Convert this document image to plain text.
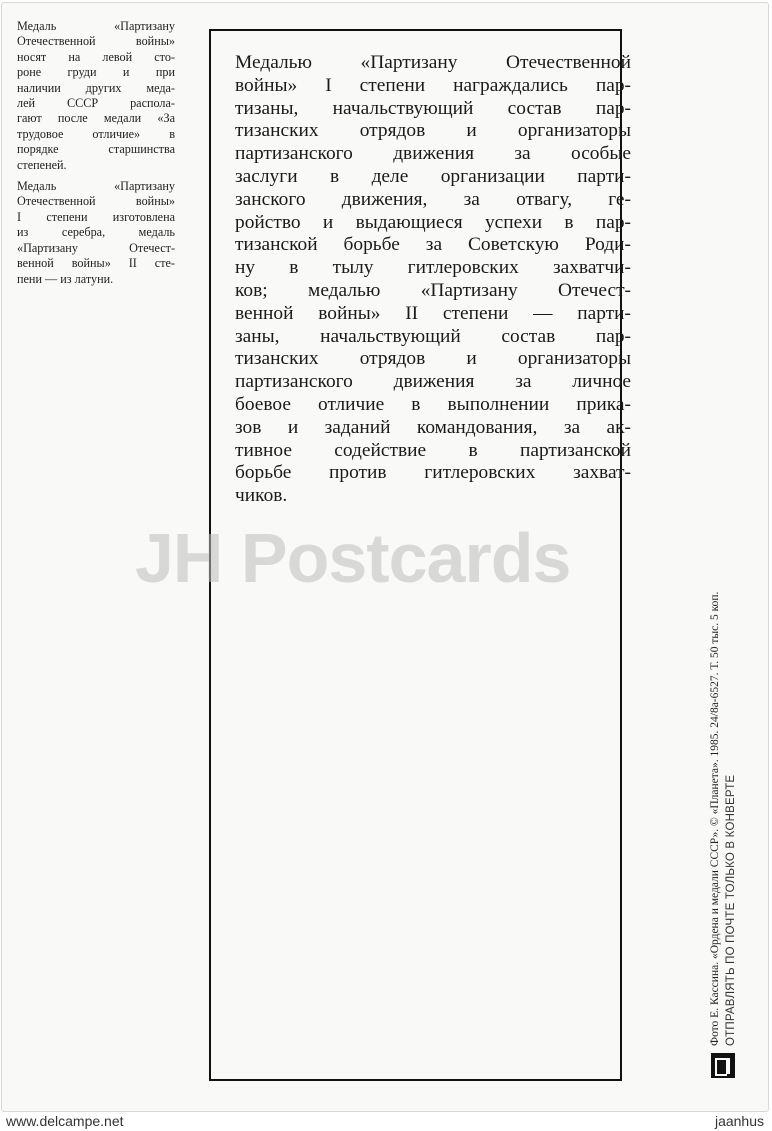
Медаль «Партизану
Отечественной войны»
носят на левой сто-
роне груди и при
наличии других меда-
лей СССР распола-
гают после медали «За
трудовое отличие» в
порядке старшинства
степеней.
Медаль «Партизану
Отечественной войны»
I степени изготовлена
из серебра, медаль
«Партизану Отечест-
венной войны» II сте-
пени — из латуни.
Медалью «Партизану Отечественной
войны» I степени награждались пар-
тизаны, начальствующий состав пар-
тизанских отрядов и организаторы
партизанского движения за особые
заслуги в деле организации парти-
занского движения, за отвагу, ге-
ройство и выдающиеся успехи в пар-
тизанской борьбе за Советскую Роди-
ну в тылу гитлеровских захватчи-
ков; медалью «Партизану Отечест-
венной войны» II степени — парти-
заны, начальствующий состав пар-
тизанских отрядов и организаторы
партизанского движения за личное
боевое отличие в выполнении прика-
зов и заданий командования, за ак-
тивное содействие в партизанской
борьбе против гитлеровских захват-
чиков.
JH Postcards
Фото Е. Кассина. «Ордена и медали СССР». © «Планета». 1985. 24/8а-6527. Т. 50 тыс. 5 коп. ОТПРАВЛЯТЬ ПО ПОЧТЕ ТОЛЬКО В КОНВЕРТЕ
www.delcampe.net	jaanhus
